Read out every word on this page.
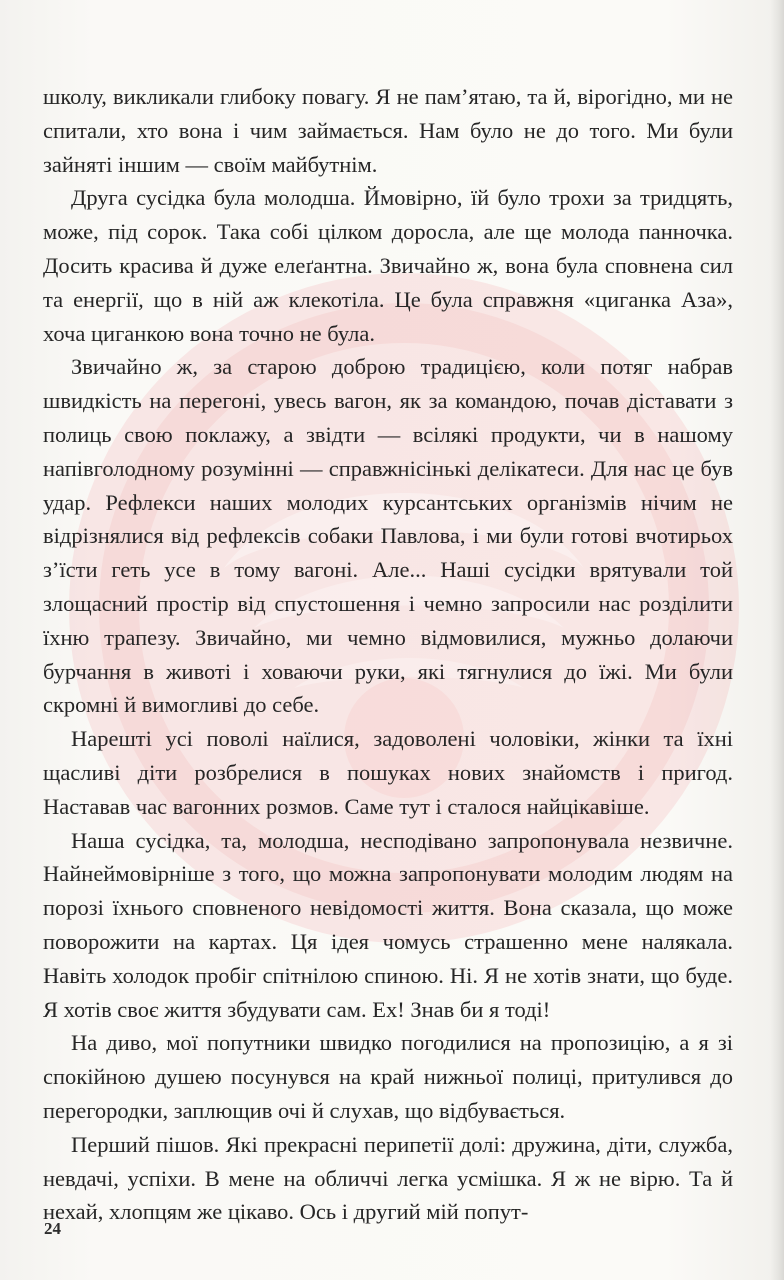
школу, викликали глибоку повагу. Я не пам’ятаю, та й, вірогідно, ми не спитали, хто вона і чим займається. Нам було не до того. Ми були зайняті іншим — своїм майбутнім.

Друга сусідка була молодша. Ймовірно, їй було трохи за тридцять, може, під сорок. Така собі цілком доросла, але ще молода панночка. Досить красива й дуже елеґантна. Звичайно ж, вона була сповнена сил та енергії, що в ній аж клекотіла. Це була справжня «циганка Аза», хоча циганкою вона точно не була.

Звичайно ж, за старою доброю традицією, коли потяг набрав швидкість на перегоні, увесь вагон, як за командою, почав діставати з полиць свою поклажу, а звідти — всілякі продукти, чи в нашому напівголодному розумінні — справжнісінькі делікатеси. Для нас це був удар. Рефлекси наших молодих курсантських організмів нічим не відрізнялися від рефлексів собаки Павлова, і ми були готові вчотирьох з’їсти геть усе в тому вагоні. Але... Наші сусідки врятували той злощасний простір від спустошення і чемно запросили нас розділити їхню трапезу. Звичайно, ми чемно відмовилися, мужньо долаючи бурчання в животі і ховаючи руки, які тягнулися до їжі. Ми були скромні й вимогливі до себе.

Нарешті усі поволі наїлися, задоволені чоловіки, жінки та їхні щасливі діти розбрелися в пошуках нових знайомств і пригод. Наставав час вагонних розмов. Саме тут і сталося найцікавіше.

Наша сусідка, та, молодша, несподівано запропонувала незвичне. Найнеймовірніше з того, що можна запропонувати молодим людям на порозі їхнього сповненого невідомості життя. Вона сказала, що може поворожити на картах. Ця ідея чомусь страшенно мене налякала. Навіть холодок пробіг спітнілою спиною. Ні. Я не хотів знати, що буде. Я хотів своє життя збудувати сам. Ех! Знав би я тоді!

На диво, мої попутники швидко погодилися на пропозицію, а я зі спокійною душею посунувся на край нижньої полиці, притулився до перегородки, заплющив очі й слухав, що відбувається.

Перший пішов. Які прекрасні перипетії долі: дружина, діти, служба, невдачі, успіхи. В мене на обличчі легка усмішка. Я ж не вірю. Та й нехай, хлопцям же цікаво. Ось і другий мій попут-

24
